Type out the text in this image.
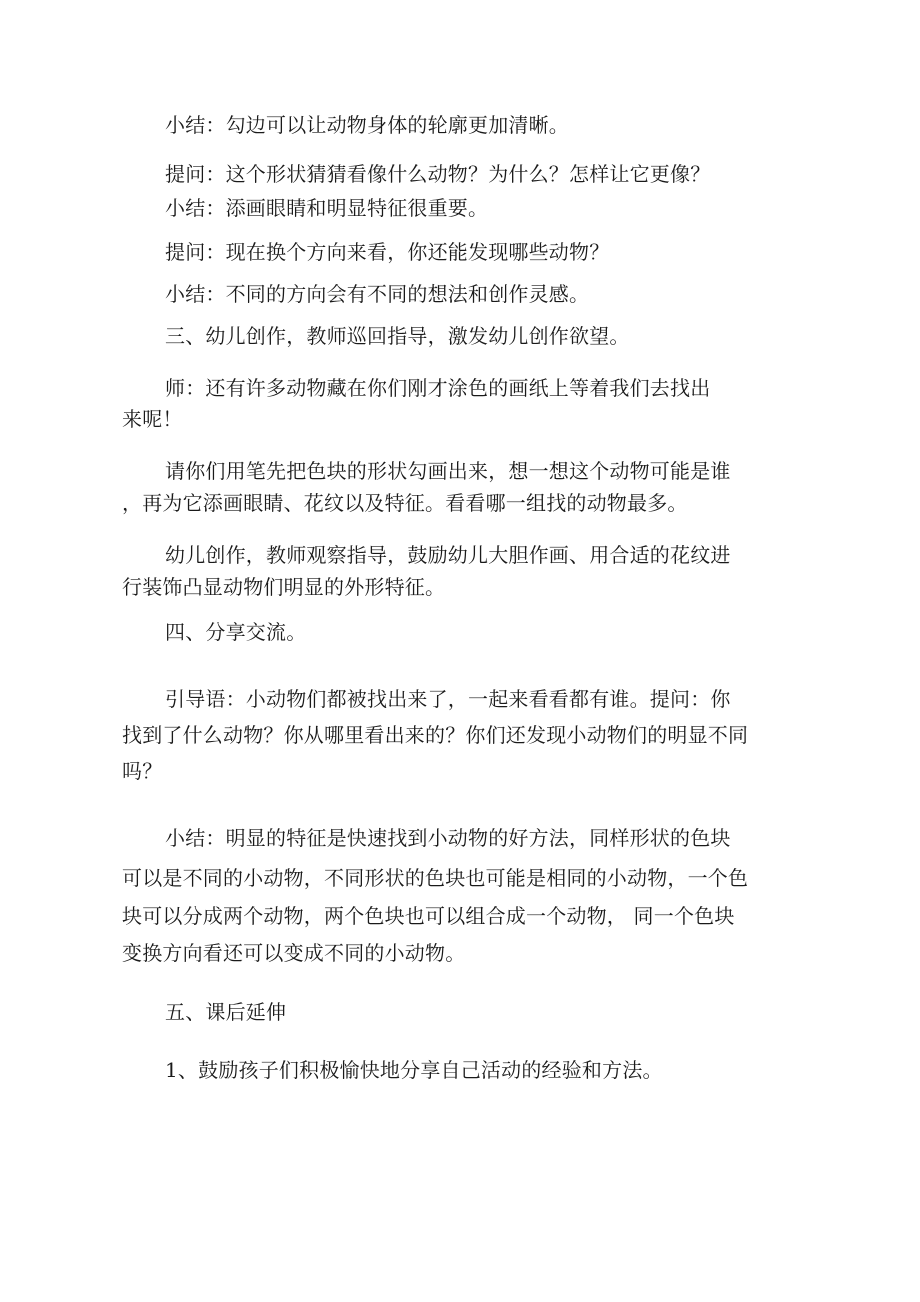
小结：勾边可以让动物身体的轮廓更加清晰。
提问：这个形状猜猜看像什么动物？为什么？怎样让它更像？
小结：添画眼睛和明显特征很重要。
提问：现在换个方向来看，你还能发现哪些动物？
小结：不同的方向会有不同的想法和创作灵感。
三、幼儿创作，教师巡回指导，激发幼儿创作欲望。
师：还有许多动物藏在你们刚才涂色的画纸上等着我们去找出
来呢！
请你们用笔先把色块的形状勾画出来，想一想这个动物可能是谁
，再为它添画眼睛、花纹以及特征。看看哪一组找的动物最多。
幼儿创作，教师观察指导，鼓励幼儿大胆作画、用合适的花纹进
行装饰凸显动物们明显的外形特征。
四、分享交流。
引导语：小动物们都被找出来了，一起来看看都有谁。提问：你
找到了什么动物？你从哪里看出来的？你们还发现小动物们的明显不同
吗？
小结：明显的特征是快速找到小动物的好方法，同样形状的色块
可以是不同的小动物，不同形状的色块也可能是相同的小动物，一个色
块可以分成两个动物，两个色块也可以组合成一个动物， 同一个色块
变换方向看还可以变成不同的小动物。
五、课后延伸
1、鼓励孩子们积极愉快地分享自己活动的经验和方法。
